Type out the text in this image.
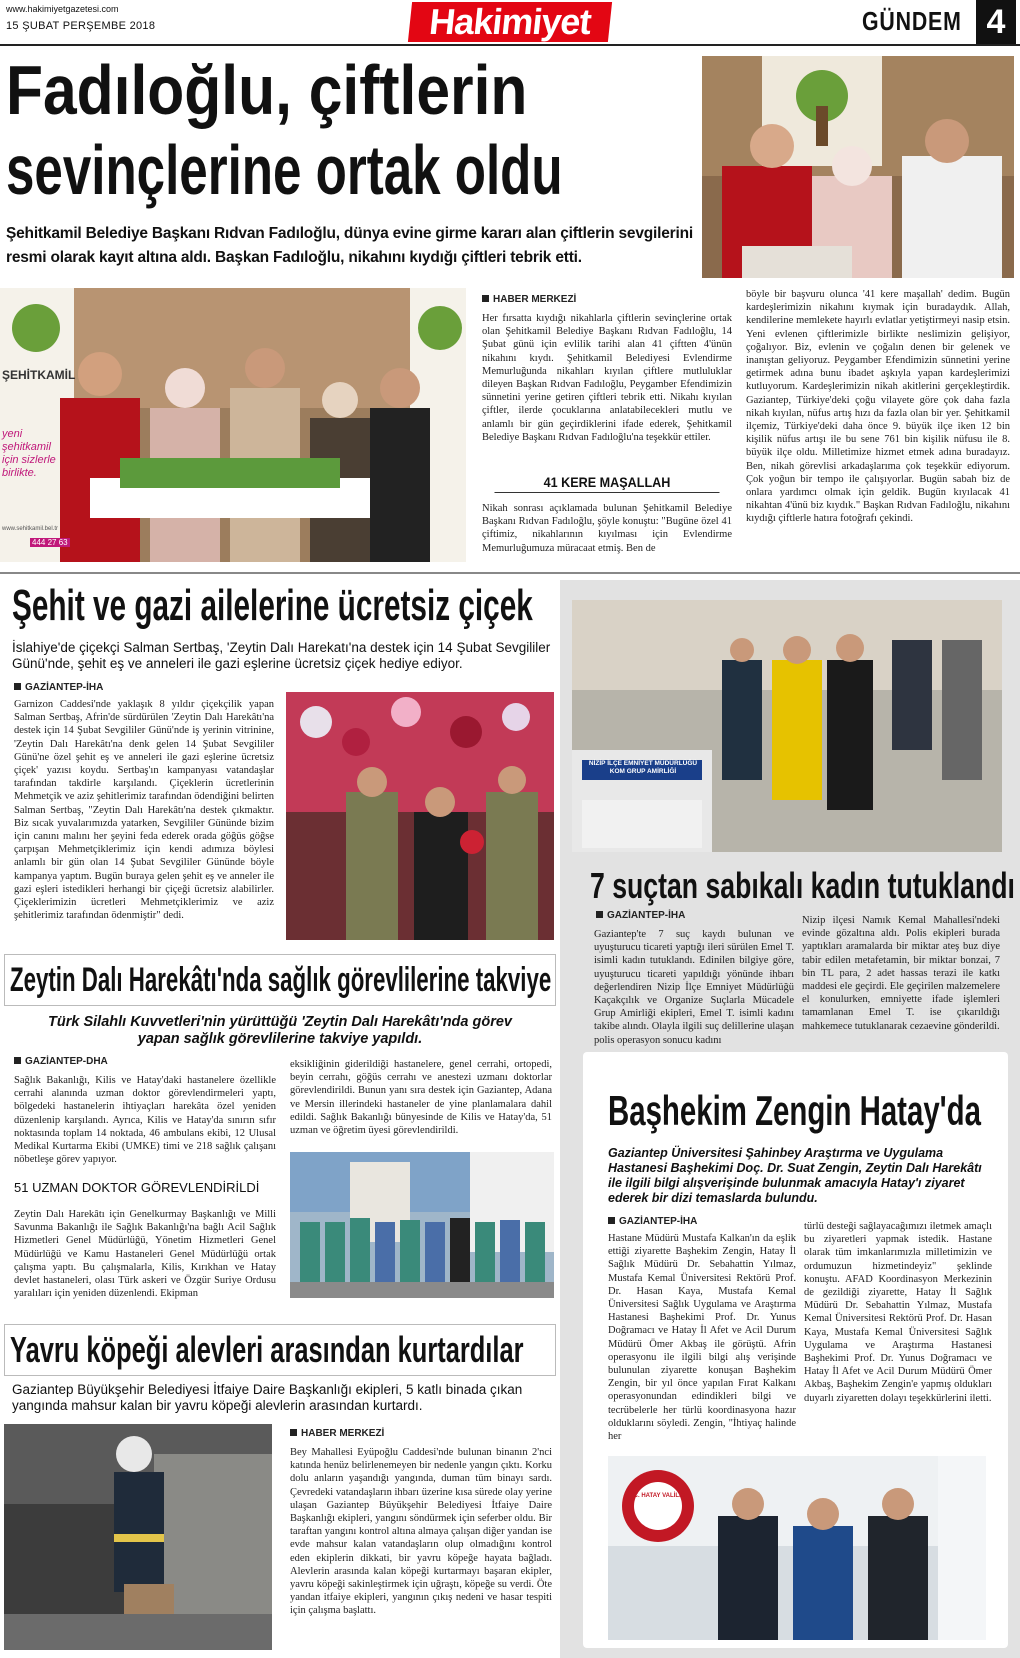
www.hakimiyetgazetesi.com
15 ŞUBAT PERŞEMBE 2018	Hakimiyet	GÜNDEM 4
Fadıloğlu, çiftlerin
sevinçlerine ortak oldu
Şehitkamil Belediye Başkanı Rıdvan Fadıloğlu, dünya evine girme kararı alan çiftlerin sevgilerini resmi olarak kayıt altına aldı. Başkan Fadıloğlu, nikahını kıydığı çiftleri tebrik etti.
ŞEHİTKAMİL
yeni şehitkamil için sizlerle birlikte.
www.sehitkamil.bel.tr
444 27 63
HABER MERKEZİ
Her fırsatta kıydığı nikahlarla çiftlerin sevinçlerine ortak olan Şehitkamil Belediye Başkanı Rıdvan Fadıloğlu, 14 Şubat günü için evlilik tarihi alan 41 çiftten 4'ünün nikahını kıydı. Şehitkamil Belediyesi Evlendirme Memurluğunda nikahları kıyılan çiftlere mutluluklar dileyen Başkan Rıdvan Fadıloğlu, Peygamber Efendimizin sünnetini yerine getiren çiftleri tebrik etti. Nikahı kıyılan çiftler, ilerde çocuklarına anlatabilecekleri mutlu ve anlamlı bir gün geçirdiklerini ifade ederek, Şehitkamil Belediye Başkanı Rıdvan Fadıloğlu'na teşekkür ettiler.
41 KERE MAŞALLAH
Nikah sonrası açıklamada bulunan Şehitkamil Belediye Başkanı Rıdvan Fadıloğlu, şöyle konuştu: "Bugüne özel 41 çiftimiz, nikahlarının kıyılması için Evlendirme Memurluğumuza müracaat etmiş. Ben de
böyle bir başvuru olunca '41 kere maşallah' dedim. Bugün kardeşlerimizin nikahını kıymak için buradaydık. Allah, kendilerine memlekete hayırlı evlatlar yetiştirmeyi nasip etsin. Yeni evlenen çiftlerimizle birlikte neslimizin gelişiyor, çoğalıyor. Biz, evlenin ve çoğalın denen bir gelenek ve inanıştan geliyoruz. Peygamber Efendimizin sünnetini yerine getirmek adına bunu ibadet aşkıyla yapan kardeşlerimizi kutluyorum. Kardeşlerimizin nikah akitlerini gerçekleştirdik. Gaziantep, Türkiye'deki çoğu vilayete göre çok daha fazla nikah kıyılan, nüfus artış hızı da fazla olan bir yer. Şehitkamil ilçemiz, Türkiye'deki daha önce 9. büyük ilçe iken 12 bin kişilik nüfus artışı ile bu sene 761 bin kişilik nüfusu ile 8. büyük ilçe oldu. Milletimize hizmet etmek adına buradayız. Ben, nikah görevlisi arkadaşlarıma çok teşekkür ediyorum. Çok yoğun bir tempo ile çalışıyorlar. Bugün sabah biz de onlara yardımcı olmak için geldik. Bugün kıyılacak 41 nikahtan 4'ünü biz kıydık." Başkan Rıdvan Fadıloğlu, nikahını kıydığı çiftlerle hatıra fotoğrafı çekindi.
Şehit ve gazi ailelerine ücretsiz çiçek
İslahiye'de çiçekçi Salman Sertbaş, 'Zeytin Dalı Harekatı'na destek için 14 Şubat Sevgililer Günü'nde, şehit eş ve anneleri ile gazi eşlerine ücretsiz çiçek hediye ediyor.
GAZİANTEP-İHA
Garnizon Caddesi'nde yaklaşık 8 yıldır çiçekçilik yapan Salman Sertbaş, Afrin'de sürdürülen 'Zeytin Dalı Harekâtı'na destek için 14 Şubat Sevgililer Günü'nde iş yerinin vitrinine, 'Zeytin Dalı Harekâtı'na denk gelen 14 Şubat Sevgililer Günü'ne özel şehit eş ve anneleri ile gazi eşlerine ücretsiz çiçek' yazısı koydu. Sertbaş'ın kampanyası vatandaşlar tarafından takdirle karşılandı. Çiçeklerin ücretlerinin Mehmetçik ve aziz şehitlerimiz tarafından ödendiğini belirten Salman Sertbaş, "Zeytin Dalı Harekâtı'na destek çıkmaktır. Biz sıcak yuvalarımızda yatarken, Sevgililer Gününde bizim için canını malını her şeyini feda ederek orada göğüs göğse çarpışan Mehmetçiklerimiz için kendi adımıza böylesi anlamlı bir gün olan 14 Şubat Sevgililer Gününde böyle kampanya yaptım. Bugün buraya gelen şehit eş ve anneler ile gazi eşleri istedikleri herhangi bir çiçeği ücretsiz alabilirler. Çiçeklerimizin ücretleri Mehmetçiklerimiz ve aziz şehitlerimiz tarafından ödenmiştir" dedi.
NİZİP İLÇE EMNİYET MÜDÜRLÜĞÜ KOM GRUP AMİRLİĞİ
7 suçtan sabıkalı kadın tutuklandı
GAZİANTEP-İHA
Gaziantep'te 7 suç kaydı bulunan ve uyuşturucu ticareti yaptığı ileri sürülen Emel T. isimli kadın tutuklandı. Edinilen bilgiye göre, uyuşturucu ticareti yapıldığı yönünde ihbarı değerlendiren Nizip İlçe Emniyet Müdürlüğü Kaçakçılık ve Organize Suçlarla Mücadele Grup Amirliği ekipleri, Emel T. isimli kadını takibe alındı. Olayla ilgili suç delillerine ulaşan polis operasyon sonucu kadını
Nizip ilçesi Namık Kemal Mahallesi'ndeki evinde gözaltına aldı. Polis ekipleri burada yaptıkları aramalarda bir miktar ateş buz diye tabir edilen metafetamin, bir miktar bonzai, 7 bin TL para, 2 adet hassas terazi ile katkı maddesi ele geçirdi. Ele geçirilen malzemelere el konulurken, emniyette ifade işlemleri tamamlanan Emel T. ise çıkarıldığı mahkemece tutuklanarak cezaevine gönderildi.
Başhekim Zengin Hatay'da
Gaziantep Üniversitesi Şahinbey Araştırma ve Uygulama Hastanesi Başhekimi Doç. Dr. Suat Zengin, Zeytin Dalı Harekâtı ile ilgili bilgi alışverişinde bulunmak amacıyla Hatay'ı ziyaret ederek bir dizi temaslarda bulundu.
GAZİANTEP-İHA
Hastane Müdürü Mustafa Kalkan'ın da eşlik ettiği ziyarette Başhekim Zengin, Hatay İl Sağlık Müdürü Dr. Sebahattin Yılmaz, Mustafa Kemal Üniversitesi Rektörü Prof. Dr. Hasan Kaya, Mustafa Kemal Üniversitesi Sağlık Uygulama ve Araştırma Hastanesi Başhekimi Prof. Dr. Yunus Doğramacı ve Hatay İl Afet ve Acil Durum Müdürü Ömer Akbaş ile görüştü. Afrin operasyonu ile ilgili bilgi alış verişinde bulunulan ziyarette konuşan Başhekim Zengin, bir yıl önce yapılan Fırat Kalkanı operasyonundan edindikleri bilgi ve tecrübelerle her türlü koordinasyona hazır olduklarını söyledi. Zengin, "İhtiyaç halinde her
türlü desteği sağlayacağımızı iletmek amaçlı bu ziyaretleri yapmak istedik. Hastane olarak tüm imkanlarımızla milletimizin ve ordumuzun hizmetindeyiz" şeklinde konuştu. AFAD Koordinasyon Merkezinin de gezildiği ziyarette, Hatay İl Sağlık Müdürü Dr. Sebahattin Yılmaz, Mustafa Kemal Üniversitesi Rektörü Prof. Dr. Hasan Kaya, Mustafa Kemal Üniversitesi Sağlık Uygulama ve Araştırma Hastanesi Başhekimi Prof. Dr. Yunus Doğramacı ve Hatay İl Afet ve Acil Durum Müdürü Ömer Akbaş, Başhekim Zengin'e yapmış oldukları duyarlı ziyaretten dolayı teşekkürlerini iletti.
T.C. HATAY VALİLİĞİ
Zeytin Dalı Harekâtı'nda sağlık görevlilerine takviye
Türk Silahlı Kuvvetleri'nin yürüttüğü 'Zeytin Dalı Harekâtı'nda görev yapan sağlık görevlilerine takviye yapıldı.
GAZİANTEP-DHA
Sağlık Bakanlığı, Kilis ve Hatay'daki hastanelere özellikle cerrahi alanında uzman doktor görevlendirmeleri yaptı, bölgedeki hastanelerin ihtiyaçları harekâta özel yeniden düzenlenip karşılandı. Ayrıca, Kilis ve Hatay'da sınırın sıfır noktasında toplam 14 noktada, 46 ambulans ekibi, 12 Ulusal Medikal Kurtarma Ekibi (UMKE) timi ve 218 sağlık çalışanı nöbetleşe görev yapıyor.
51 UZMAN DOKTOR GÖREVLENDİRİLDİ
Zeytin Dalı Harekâtı için Genelkurmay Başkanlığı ve Milli Savunma Bakanlığı ile Sağlık Bakanlığı'na bağlı Acil Sağlık Hizmetleri Genel Müdürlüğü, Yönetim Hizmetleri Genel Müdürlüğü ve Kamu Hastaneleri Genel Müdürlüğü ortak çalışma yaptı. Bu çalışmalarla, Kilis, Kırıkhan ve Hatay devlet hastaneleri, olası Türk askeri ve Özgür Suriye Ordusu yaralıları için yeniden düzenlendi. Ekipman
eksikliğinin giderildiği hastanelere, genel cerrahi, ortopedi, beyin cerrahı, göğüs cerrahı ve anestezi uzmanı doktorlar görevlendirildi. Bunun yanı sıra destek için Gaziantep, Adana ve Mersin illerindeki hastaneler de yine planlamalara dahil edildi. Sağlık Bakanlığı bünyesinde de Kilis ve Hatay'da, 51 uzman ve öğretim üyesi görevlendirildi.
Yavru köpeği alevleri arasından kurtardılar
Gaziantep Büyükşehir Belediyesi İtfaiye Daire Başkanlığı ekipleri, 5 katlı binada çıkan yangında mahsur kalan bir yavru köpeği alevlerin arasından kurtardı.
HABER MERKEZİ
Bey Mahallesi Eyüpoğlu Caddesi'nde bulunan binanın 2'nci katında henüz belirlenemeyen bir nedenle yangın çıktı. Korku dolu anların yaşandığı yangında, duman tüm binayı sardı. Çevredeki vatandaşların ihbarı üzerine kısa sürede olay yerine ulaşan Gaziantep Büyükşehir Belediyesi İtfaiye Daire Başkanlığı ekipleri, yangını söndürmek için seferber oldu. Bir taraftan yangını kontrol altına almaya çalışan diğer yandan ise evde mahsur kalan vatandaşların olup olmadığını kontrol eden ekiplerin dikkati, bir yavru köpeğe hayata bağladı. Alevlerin arasında kalan köpeği kurtarmayı başaran ekipler, yavru köpeği sakinleştirmek için uğraştı, köpeğe su verdi. Öte yandan itfaiye ekipleri, yangının çıkış nedeni ve hasar tespiti için çalışma başlattı.
